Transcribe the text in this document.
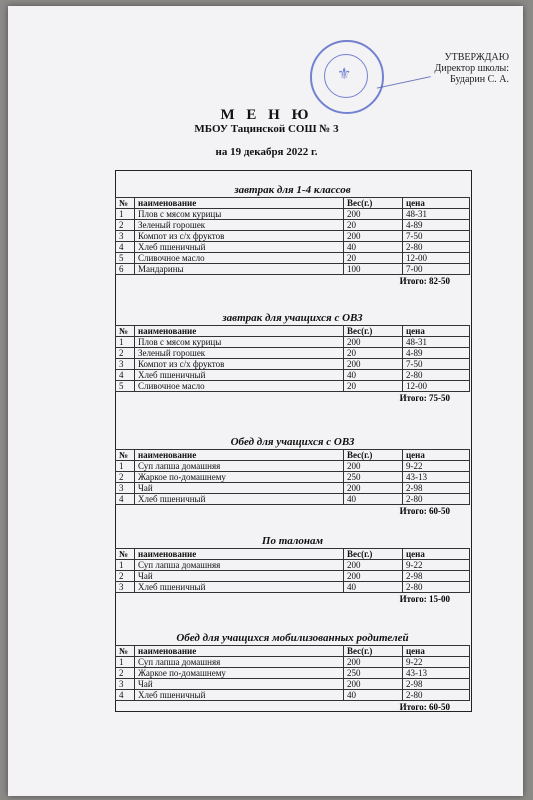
⚜
УТВЕРЖДАЮ
Директор школы:
Бударин С. А.
М Е Н Ю
МБОУ Тацинской СОШ № 3
на 19 декабря 2022 г.
завтрак для 1-4 классов
№	наименование	Вес(г.)	цена
1	Плов с мясом курицы	200	48-31
2	Зеленый горошек	20	4-89
3	Компот из с/х фруктов	200	7-50
4	Хлеб пшеничный	40	2-80
5	Сливочное масло	20	12-00
6	Мандарины	100	7-00
Итого: 82-50
завтрак для учащихся с ОВЗ
№	наименование	Вес(г.)	цена
1	Плов с мясом курицы	200	48-31
2	Зеленый горошек	20	4-89
3	Компот из с/х фруктов	200	7-50
4	Хлеб пшеничный	40	2-80
5	Сливочное масло	20	12-00
Итого: 75-50
Обед для учащихся с ОВЗ
№	наименование	Вес(г.)	цена
1	Суп лапша домашняя	200	9-22
2	Жаркое по-домашнему	250	43-13
3	Чай	200	2-98
4	Хлеб пшеничный	40	2-80
Итого: 60-50
По талонам
№	наименование	Вес(г.)	цена
1	Суп лапша домашняя	200	9-22
2	Чай	200	2-98
3	Хлеб пшеничный	40	2-80
Итого: 15-00
Обед для учащихся мобилизованных родителей
№	наименование	Вес(г.)	цена
1	Суп лапша домашняя	200	9-22
2	Жаркое по-домашнему	250	43-13
3	Чай	200	2-98
4	Хлеб пшеничный	40	2-80
Итого: 60-50
